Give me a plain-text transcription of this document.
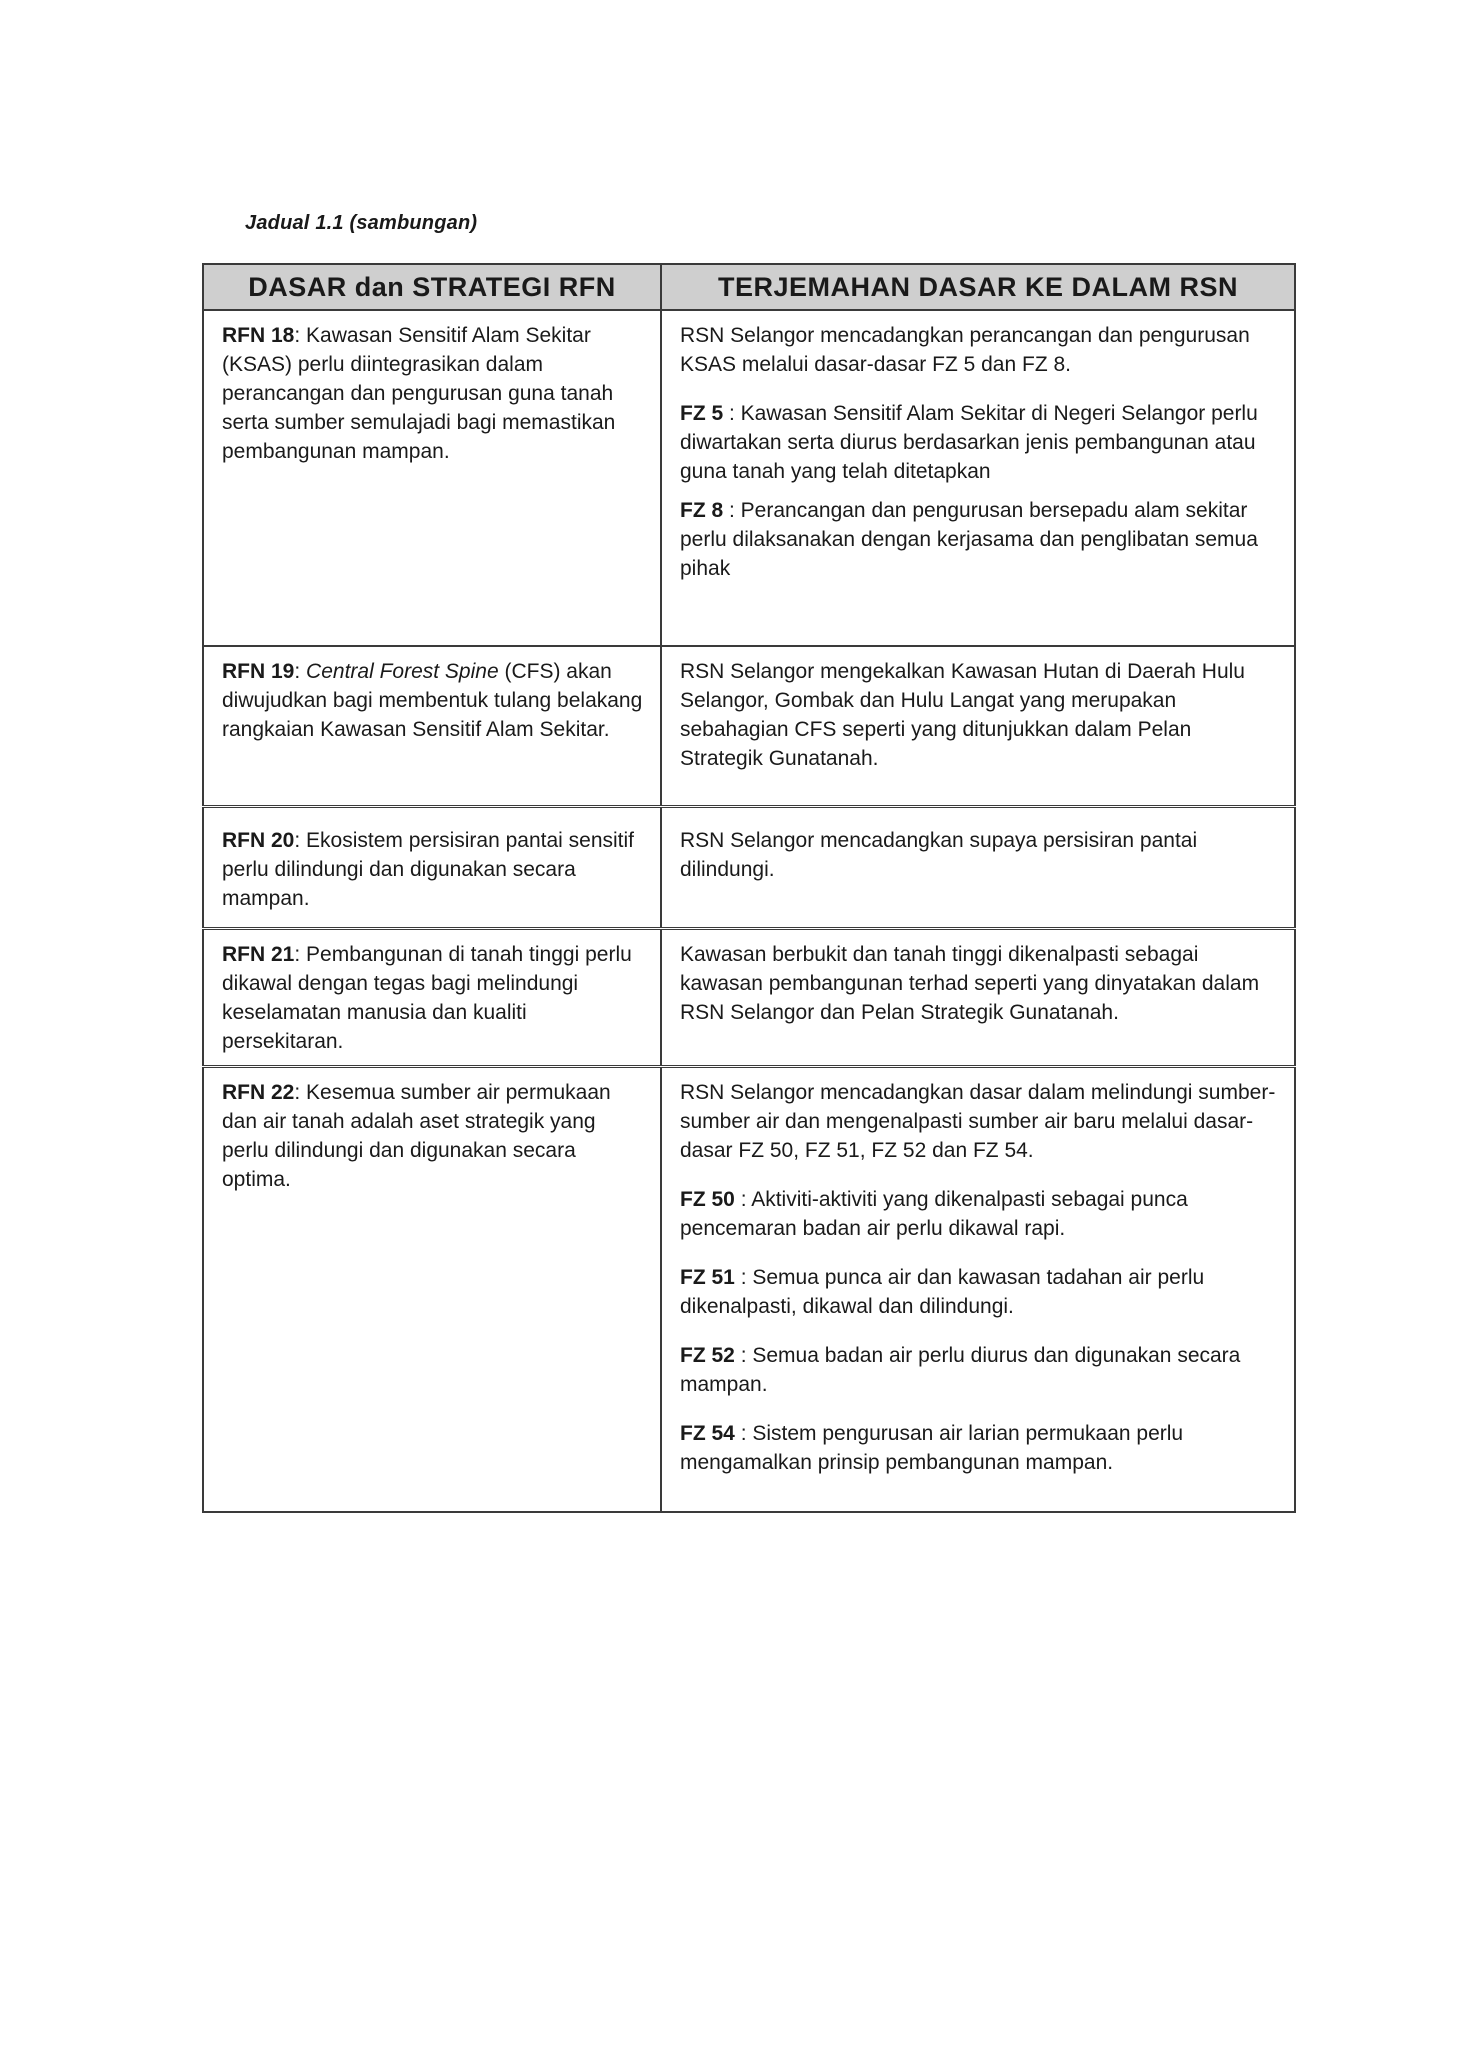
Jadual 1.1 (sambungan)
DASAR dan STRATEGI RFN	TERJEMAHAN DASAR KE DALAM RSN
RFN 18: Kawasan Sensitif Alam Sekitar (KSAS) perlu diintegrasikan dalam perancangan dan pengurusan guna tanah serta sumber semulajadi bagi memastikan pembangunan mampan.	RSN Selangor mencadangkan perancangan dan pengurusan KSAS melalui dasar-dasar FZ 5 dan FZ 8.

FZ 5 : Kawasan Sensitif Alam Sekitar di Negeri Selangor perlu diwartakan serta diurus berdasarkan jenis pembangunan atau guna tanah yang telah ditetapkan

FZ 8 : Perancangan dan pengurusan bersepadu alam sekitar perlu dilaksanakan dengan kerjasama dan penglibatan semua pihak

RFN 19: Central Forest Spine (CFS) akan diwujudkan bagi membentuk tulang belakang rangkaian Kawasan Sensitif Alam Sekitar.	RSN Selangor mengekalkan Kawasan Hutan di Daerah Hulu Selangor, Gombak dan Hulu Langat yang merupakan sebahagian CFS seperti yang ditunjukkan dalam Pelan Strategik Gunatanah.

RFN 20: Ekosistem persisiran pantai sensitif perlu dilindungi dan digunakan secara mampan.	RSN Selangor mencadangkan supaya persisiran pantai dilindungi.

RFN 21: Pembangunan di tanah tinggi perlu dikawal dengan tegas bagi melindungi keselamatan manusia dan kualiti persekitaran.	Kawasan berbukit dan tanah tinggi dikenalpasti sebagai kawasan pembangunan terhad seperti yang dinyatakan dalam RSN Selangor dan Pelan Strategik Gunatanah.

RFN 22: Kesemua sumber air permukaan dan air tanah adalah aset strategik yang perlu dilindungi dan digunakan secara optima.	RSN Selangor mencadangkan dasar dalam melindungi sumber-sumber air dan mengenalpasti sumber air baru melalui dasar-dasar FZ 50, FZ 51, FZ 52 dan FZ 54.

FZ 50 : Aktiviti-aktiviti yang dikenalpasti sebagai punca pencemaran badan air perlu dikawal rapi.

FZ 51 : Semua punca air dan kawasan tadahan air perlu dikenalpasti, dikawal dan dilindungi.

FZ 52 : Semua badan air perlu diurus dan digunakan secara mampan.

FZ 54 : Sistem pengurusan air larian permukaan perlu mengamalkan prinsip pembangunan mampan.
